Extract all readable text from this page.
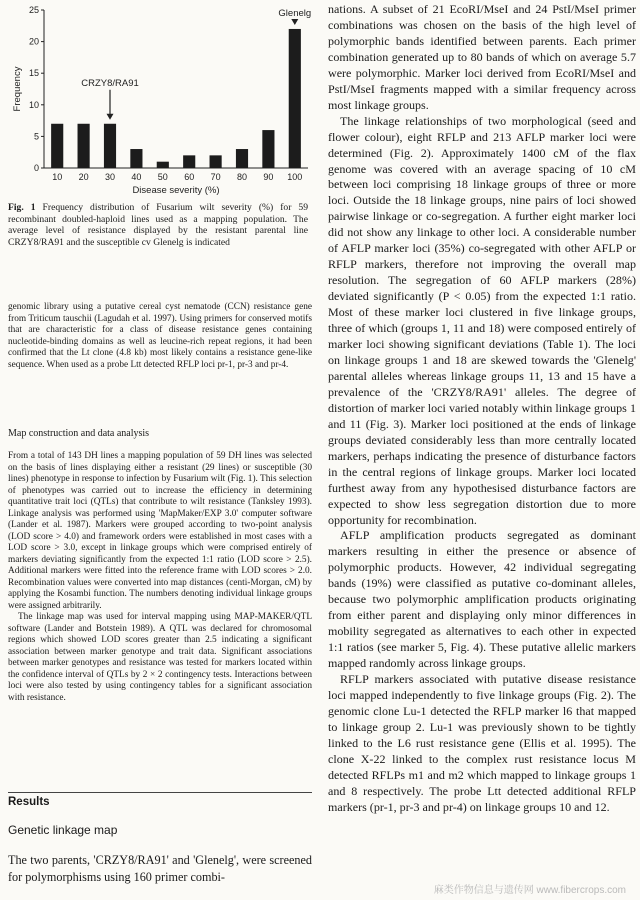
0
5
10
15
20
25
Frequency
10 20 30 40 50 60 70 80 90 100
Disease severity (%)
CRZY8/RA91
Glenelg
Fig. 1 Frequency distribution of Fusarium wilt severity (%) for 59 recombinant doubled-haploid lines used as a mapping population. The average level of resistance displayed by the resistant parental line CRZY8/RA91 and the susceptible cv Glenelg is indicated

genomic library using a putative cereal cyst nematode (CCN) resistance gene from Triticum tauschii (Lagudah et al. 1997). Using primers for conserved motifs that are characteristic for a class of disease resistance genes containing nucleotide-binding domains as well as leucine-rich repeat regions, it had been confirmed that the Lt clone (4.8 kb) most likely contains a resistance gene-like sequence. When used as a probe Ltt detected RFLP loci pr-1, pr-3 and pr-4.

Map construction and data analysis

From a total of 143 DH lines a mapping population of 59 DH lines was selected on the basis of lines displaying either a resistant (29 lines) or susceptible (30 lines) phenotype in response to infection by Fusarium wilt (Fig. 1). This selection of phenotypes was carried out to increase the efficiency in determining quantitative trait loci (QTLs) that contribute to wilt resistance (Tanksley 1993). Linkage analysis was performed using 'MapMaker/EXP 3.0' computer software (Lander et al. 1987). Markers were grouped according to two-point analysis (LOD score > 4.0) and framework orders were established in most cases with a LOD score > 3.0, except in linkage groups which were comprised entirely of markers deviating significantly from the expected 1:1 ratio (LOD score > 2.5). Additional markers were fitted into the reference frame with LOD scores > 2.0. Recombination values were converted into map distances (centi-Morgan, cM) by applying the Kosambi function. The numbers denoting individual linkage groups were assigned arbitrarily.

The linkage map was used for interval mapping using MAP-MAKER/QTL software (Lander and Botstein 1989). A QTL was declared for chromosomal regions which showed LOD scores greater than 2.5 indicating a significant association between marker genotype and trait data. Significant associations between marker genotypes and resistance was tested for markers located within the confidence interval of QTLs by 2 × 2 contingency tests. Interactions between loci were also tested by using contingency tables for a significant association with resistance.

Results
Genetic linkage map

The two parents, 'CRZY8/RA91' and 'Glenelg', were screened for polymorphisms using 160 primer combi-

nations. A subset of 21 EcoRI/MseI and 24 PstI/MseI primer combinations was chosen on the basis of the high level of polymorphic bands identified between parents. Each primer combination generated up to 80 bands of which on average 5.7 were polymorphic. Marker loci derived from EcoRI/MseI and PstI/MseI fragments mapped with a similar frequency across most linkage groups.

The linkage relationships of two morphological (seed and flower colour), eight RFLP and 213 AFLP marker loci were determined (Fig. 2). Approximately 1400 cM of the flax genome was covered with an average spacing of 10 cM between loci comprising 18 linkage groups of three or more loci. Outside the 18 linkage groups, nine pairs of loci showed pairwise linkage or co-segregation. A further eight marker loci did not show any linkage to other loci. A considerable number of AFLP marker loci (35%) co-segregated with other AFLP or RFLP markers, therefore not improving the overall map resolution. The segregation of 60 AFLP markers (28%) deviated significantly (P < 0.05) from the expected 1:1 ratio. Most of these marker loci clustered in five linkage groups, three of which (groups 1, 11 and 18) were composed entirely of marker loci showing significant deviations (Table 1). The loci on linkage groups 1 and 18 are skewed towards the 'Glenelg' parental alleles whereas linkage groups 11, 13 and 15 have a prevalence of the 'CRZY8/RA91' alleles. The degree of distortion of marker loci varied notably within linkage groups 1 and 11 (Fig. 3). Marker loci positioned at the ends of linkage groups deviated considerably less than more centrally located markers, perhaps indicating the presence of disturbance factors in the central regions of linkage groups. Marker loci located furthest away from any hypothesised disturbance factors are expected to show less segregation distortion due to more opportunity for recombination.

AFLP amplification products segregated as dominant markers resulting in either the presence or absence of polymorphic products. However, 42 individual segregating bands (19%) were classified as putative co-dominant alleles, because two polymorphic amplification products originating from either parent and displaying only minor differences in mobility segregated as alternatives to each other in expected 1:1 ratios (see marker 5, Fig. 4). These putative allelic markers mapped randomly across linkage groups.

RFLP markers associated with putative disease resistance loci mapped independently to five linkage groups (Fig. 2). The genomic clone Lu-1 detected the RFLP marker l6 that mapped to linkage group 2. Lu-1 was previously shown to be tightly linked to the L6 rust resistance gene (Ellis et al. 1995). The clone X-22 linked to the complex rust resistance locus M detected RFLPs m1 and m2 which mapped to linkage groups 1 and 8 respectively. The probe Ltt detected additional RFLP markers (pr-1, pr-3 and pr-4) on linkage groups 10 and 12.

麻类作物信息与遗传网 www.fibercrops.com
